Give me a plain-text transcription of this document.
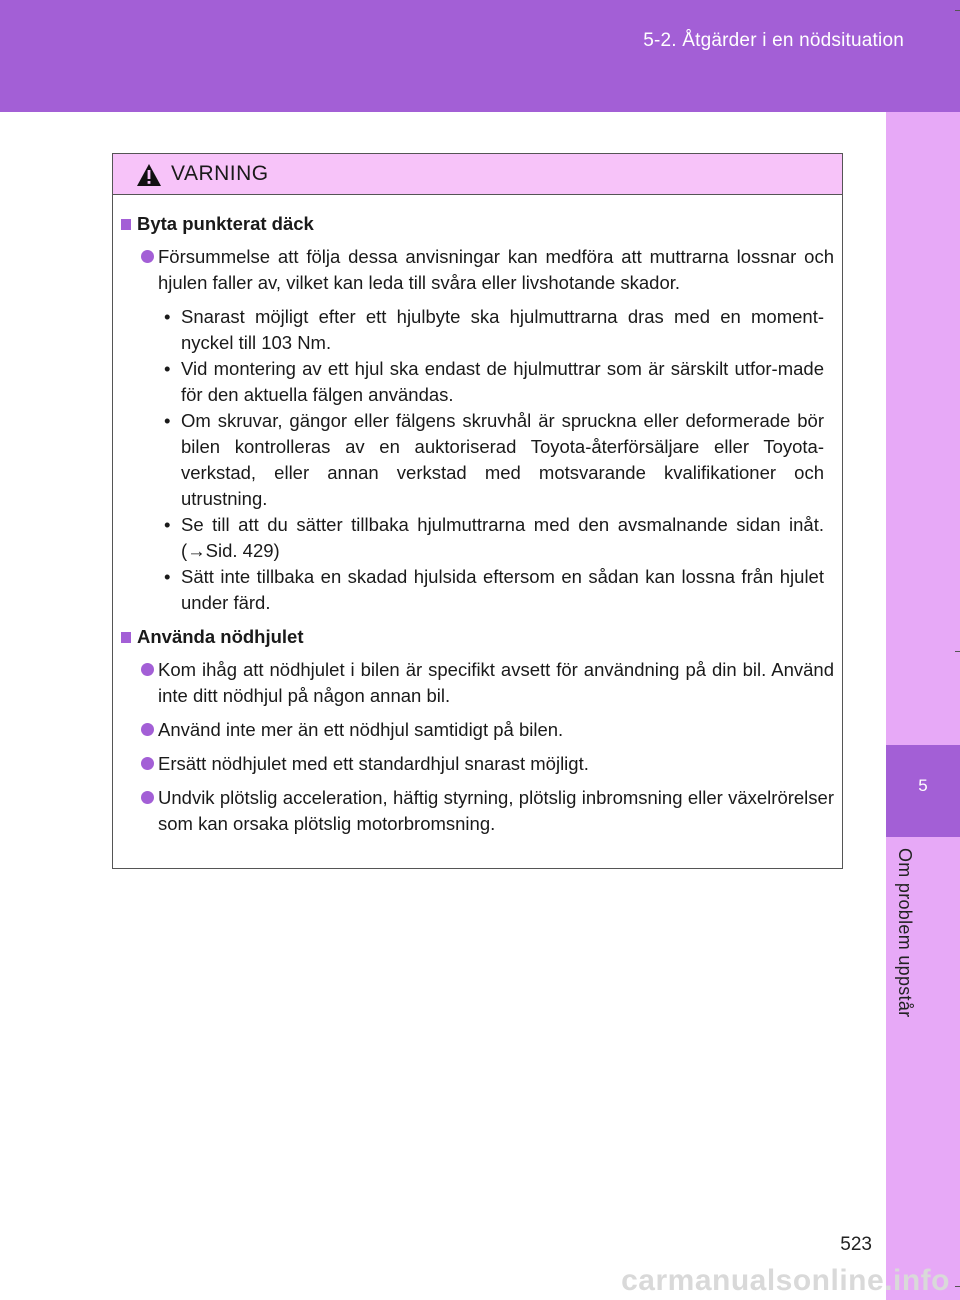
5-2. Åtgärder i en nödsituation
5
Om problem uppstår
VARNING
Byta punkterat däck
Försummelse att följa dessa anvisningar kan medföra att muttrarna lossnar och hjulen faller av, vilket kan leda till svåra eller livshotande skador.
• Snarast möjligt efter ett hjulbyte ska hjulmuttrarna dras med en moment-nyckel till 103 Nm.
• Vid montering av ett hjul ska endast de hjulmuttrar som är särskilt utfor-made för den aktuella fälgen användas.
• Om skruvar, gängor eller fälgens skruvhål är spruckna eller deformerade bör bilen kontrolleras av en auktoriserad Toyota-återförsäljare eller Toyota-verkstad, eller annan verkstad med motsvarande kvalifikationer och utrustning.
• Se till att du sätter tillbaka hjulmuttrarna med den avsmalnande sidan inåt. (→Sid. 429)
• Sätt inte tillbaka en skadad hjulsida eftersom en sådan kan lossna från hjulet under färd.
Använda nödhjulet
Kom ihåg att nödhjulet i bilen är specifikt avsett för användning på din bil. Använd inte ditt nödhjul på någon annan bil.
Använd inte mer än ett nödhjul samtidigt på bilen.
Ersätt nödhjulet med ett standardhjul snarast möjligt.
Undvik plötslig acceleration, häftig styrning, plötslig inbromsning eller växelrörelser som kan orsaka plötslig motorbromsning.
523
carmanualsonline.info
